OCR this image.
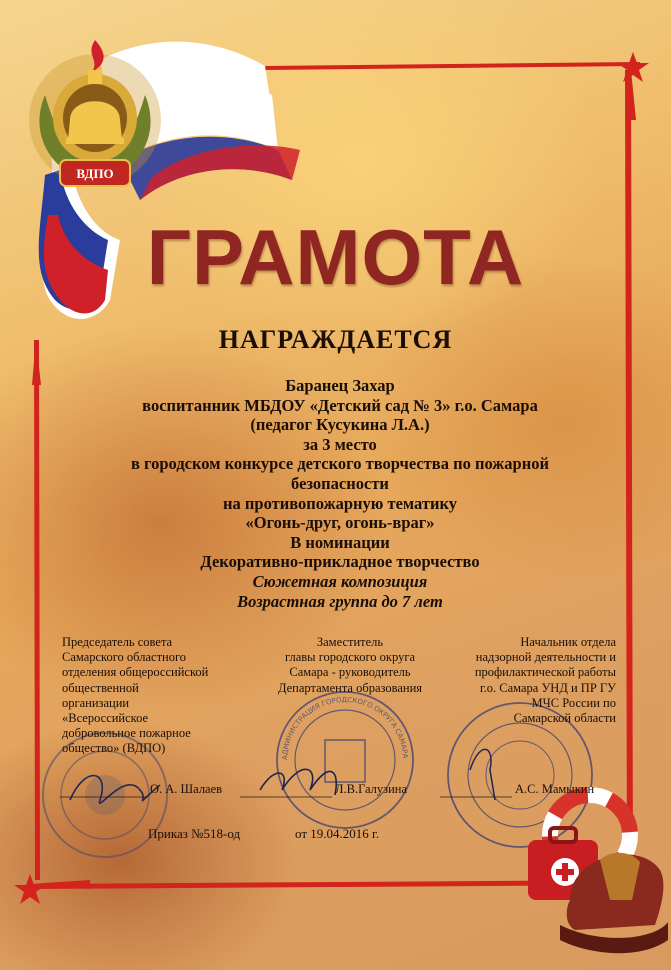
ВДПО
АДМИНИСТРАЦИЯ ГОРОДСКОГО ОКРУГА САМАРА
ГРАМОТА
НАГРАЖДАЕТСЯ
Баранец Захар
воспитанник МБДОУ «Детский сад № 3» г.о. Самара
(педагог Кусукина Л.А.)
за 3 место
в городском конкурсе детского творчества по пожарной
безопасности
на противопожарную тематику
«Огонь-друг, огонь-враг»
В номинации
Декоративно-прикладное творчество
Сюжетная композиция
Возрастная группа до 7 лет
Председатель совета
Самарского областного
отделения общероссийской
общественной
организации
«Всероссийское
добровольное пожарное
общество» (ВДПО)
О. А. Шалаев
Заместитель
главы городского округа
Самара - руководитель
Департамента образования
Л.В.Галузина
Начальник отдела
надзорной деятельности и
профилактической работы
г.о. Самара УНД и ПР ГУ
МЧС России по
Самарской области
А.С. Мамыкин
Приказ №518-од	от 19.04.2016 г.
